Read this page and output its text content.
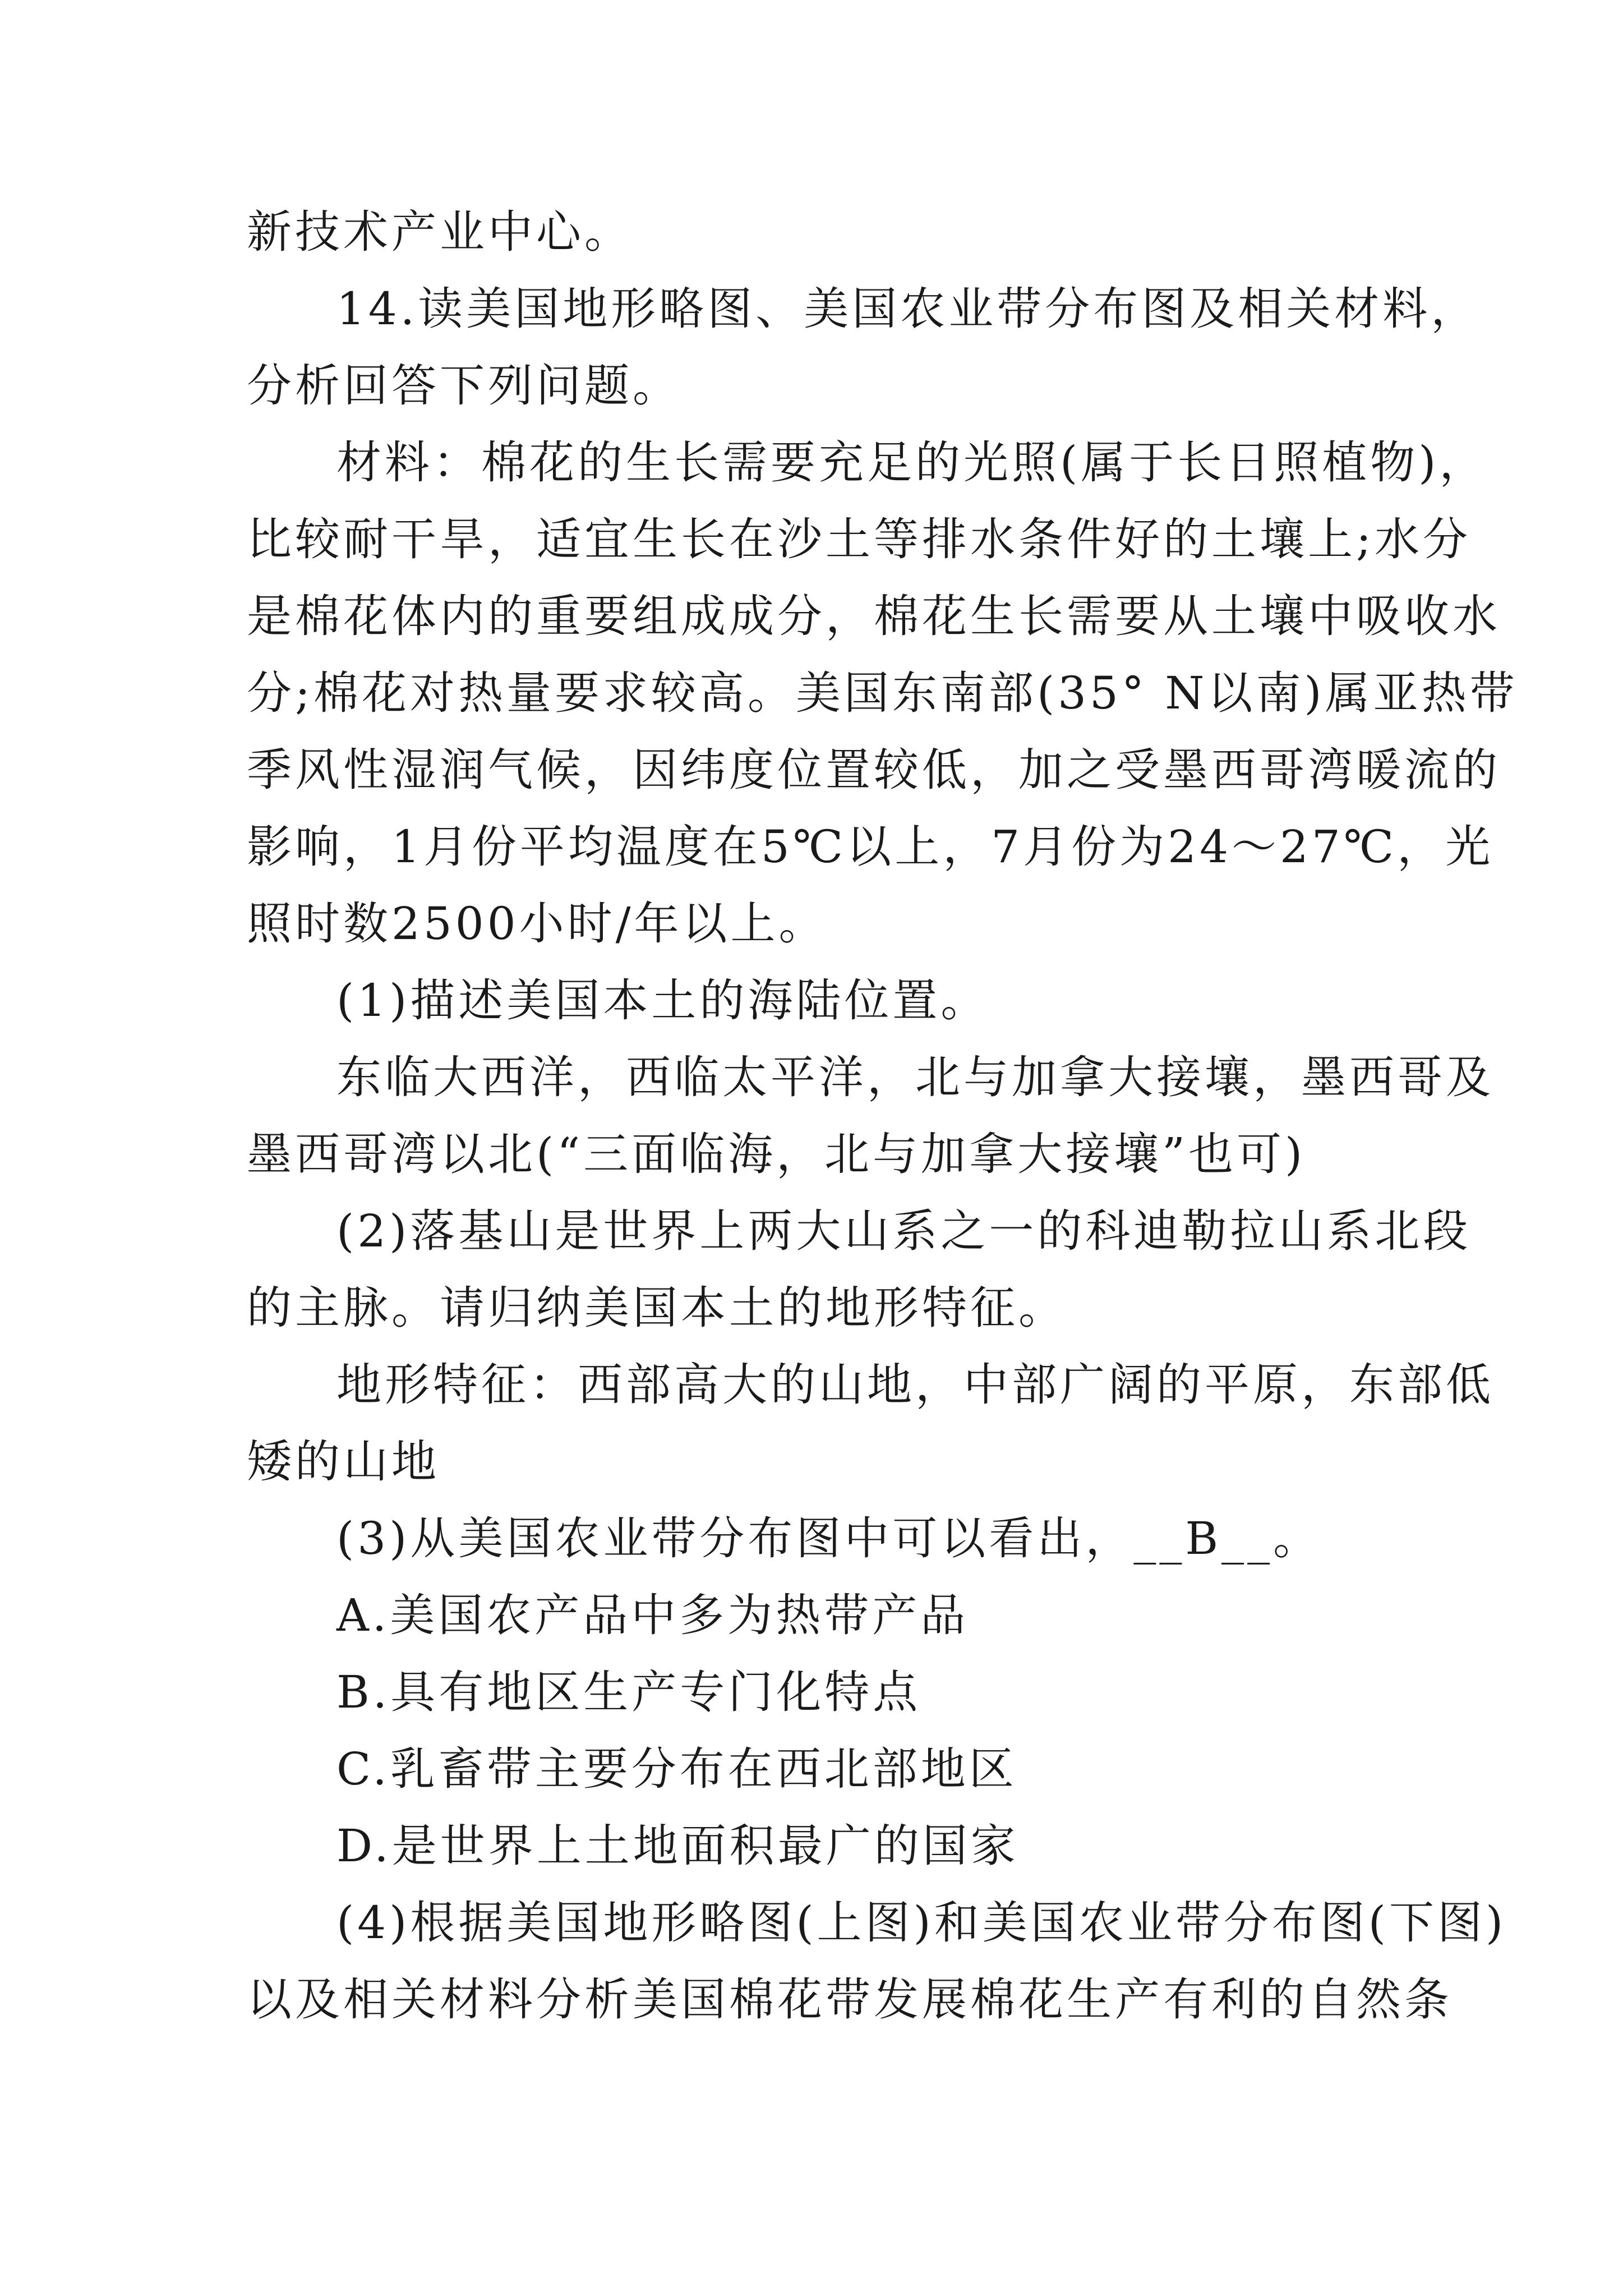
新技术产业中心。
14.读美国地形略图、美国农业带分布图及相关材料，
分析回答下列问题。
材料：棉花的生长需要充足的光照(属于长日照植物)，
比较耐干旱，适宜生长在沙土等排水条件好的土壤上;水分
是棉花体内的重要组成成分，棉花生长需要从土壤中吸收水
分;棉花对热量要求较高。美国东南部(35° N以南)属亚热带
季风性湿润气候，因纬度位置较低，加之受墨西哥湾暖流的
影响，1月份平均温度在5℃以上，7月份为24～27℃，光
照时数2500小时/年以上。
(1)描述美国本土的海陆位置。
东临大西洋，西临太平洋，北与加拿大接壤，墨西哥及
墨西哥湾以北(“三面临海，北与加拿大接壤”也可)
(2)落基山是世界上两大山系之一的科迪勒拉山系北段
的主脉。请归纳美国本土的地形特征。
地形特征：西部高大的山地，中部广阔的平原，东部低
矮的山地
(3)从美国农业带分布图中可以看出，__B__。
A.美国农产品中多为热带产品
B.具有地区生产专门化特点
C.乳畜带主要分布在西北部地区
D.是世界上土地面积最广的国家
(4)根据美国地形略图(上图)和美国农业带分布图(下图)
以及相关材料分析美国棉花带发展棉花生产有利的自然条
